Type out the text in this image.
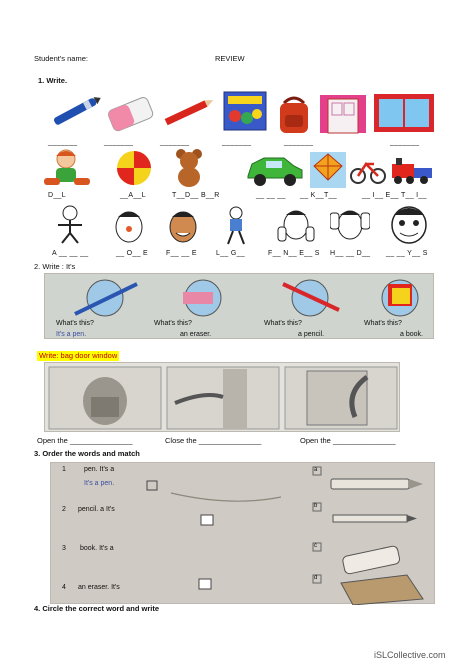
Student's name:	REVIEW
1. Write.
_______	_______	_______	_______	_______	_______
D__L	__A__L	T__D__ B__R	__ __ __ __ K__T__	__ I__ E__ T__ I__
A __ __ __	__ O__ E	F__ __ E	L__ G__	F__ N__ E__ S H__ __ D__ __ __ Y__ S
2. Write : It's
What's this?	What's this?	What's this?	What's this?
It's a pen.	an eraser.	a pencil.	a book.
Write: bag door window
Open the _______________	Close the _______________	Open the _______________
3. Order the words and match
1	pen. It's a
It's a pen.
2 pencil. a It's
3 book. It's a
4 an eraser. It's
a
b
c
d
4. Circle the correct word and write
iSLCollective.com
